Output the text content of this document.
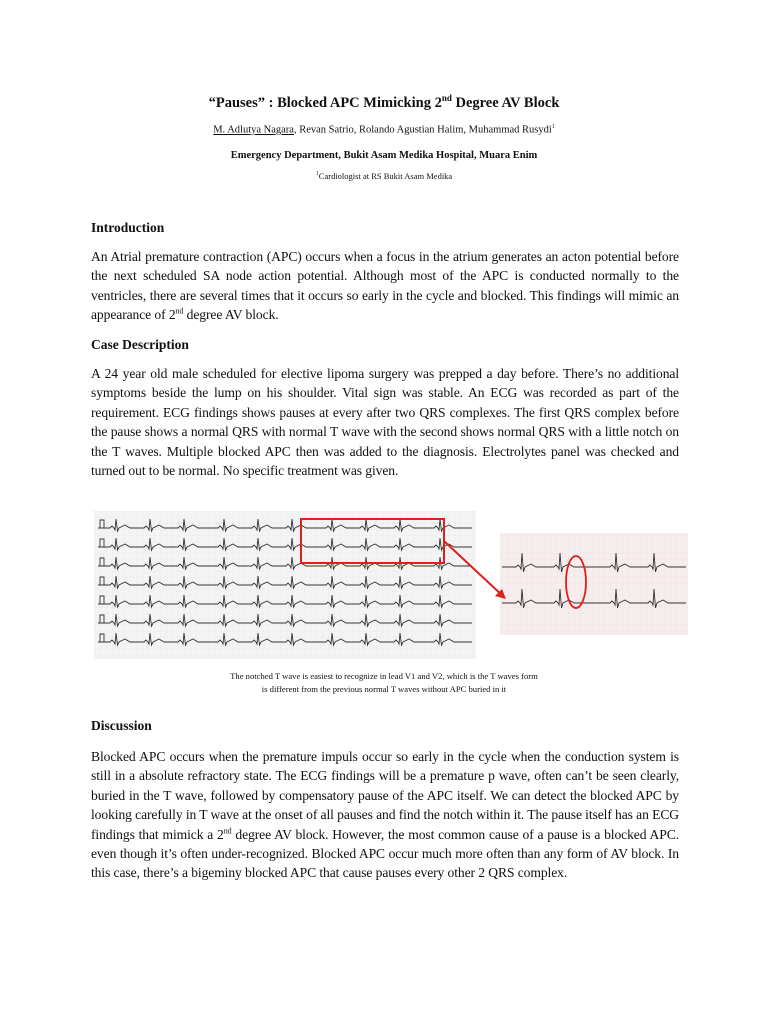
“Pauses” : Blocked APC Mimicking 2nd Degree AV Block
M. Adlutya Nagara, Revan Satrio, Rolando Agustian Halim, Muhammad Rusydi$^1$
Emergency Department, Bukit Asam Medika Hospital, Muara Enim
$^1$Cardiologist at RS Bukit Asam Medika
Introduction

An Atrial premature contraction (APC) occurs when a focus in the atrium generates an acton potential before the next scheduled SA node action potential. Although most of the APC is conducted normally to the ventricles, there are several times that it occurs so early in the cycle and blocked. This findings will mimic an appearance of 2nd degree AV block.

Case Description

A 24 year old male scheduled for elective lipoma surgery was prepped a day before. There’s no additional symptoms beside the lump on his shoulder. Vital sign was stable. An ECG was recorded as part of the requirement. ECG findings shows pauses at every after two QRS complexes. The first QRS complex before the pause shows a normal QRS with normal T wave with the second shows normal QRS with a little notch on the T waves. Multiple blocked APC then was added to the diagnosis. Electrolytes panel was checked and turned out to be normal. No specific treatment was given.

The notched T wave is easiest to recognize in lead V1 and V2, which is the T waves form
is different from the previous normal T waves without APC buried in it
Discussion

Blocked APC occurs when the premature impuls occur so early in the cycle when the conduction system is still in a absolute refractory state. The ECG findings will be a premature p wave, often can’t be seen clearly, buried in the T wave, followed by compensatory pause of the APC itself. We can detect the blocked APC by looking carefully in T wave at the onset of all pauses and find the notch within it. The pause itself has an ECG findings that mimick a 2nd degree AV block. However, the most common cause of a pause is a blocked APC. even though it’s often under-recognized. Blocked APC occur much more often than any form of AV block. In this case, there’s a bigeminy blocked APC that cause pauses every other 2 QRS complex.
